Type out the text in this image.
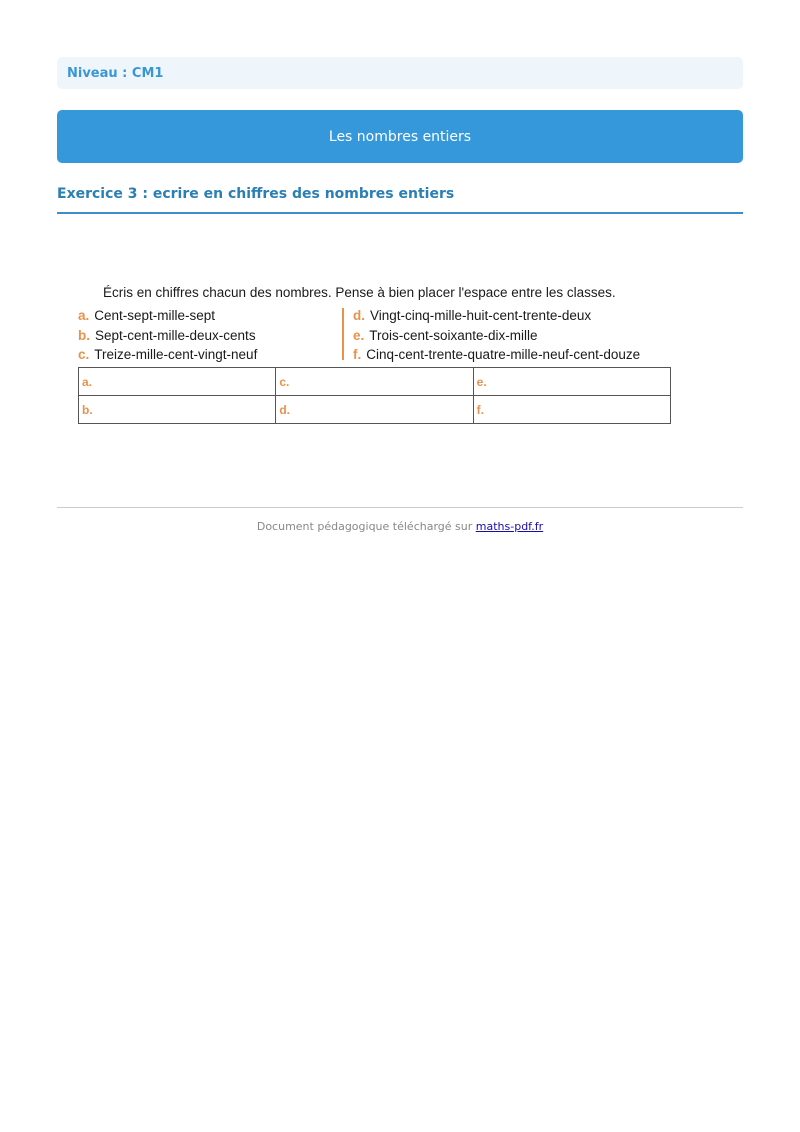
Niveau : CM1
Les nombres entiers
Exercice 3 : ecrire en chiffres des nombres entiers
Écris en chiffres chacun des nombres. Pense à bien placer l'espace entre les classes.
a. Cent-sept-mille-sept
b. Sept-cent-mille-deux-cents
c. Treize-mille-cent-vingt-neuf
d. Vingt-cinq-mille-huit-cent-trente-deux
e. Trois-cent-soixante-dix-mille
f. Cinq-cent-trente-quatre-mille-neuf-cent-douze
a.	c.	e.
b.	d.	f.
Document pédagogique téléchargé sur maths-pdf.fr
